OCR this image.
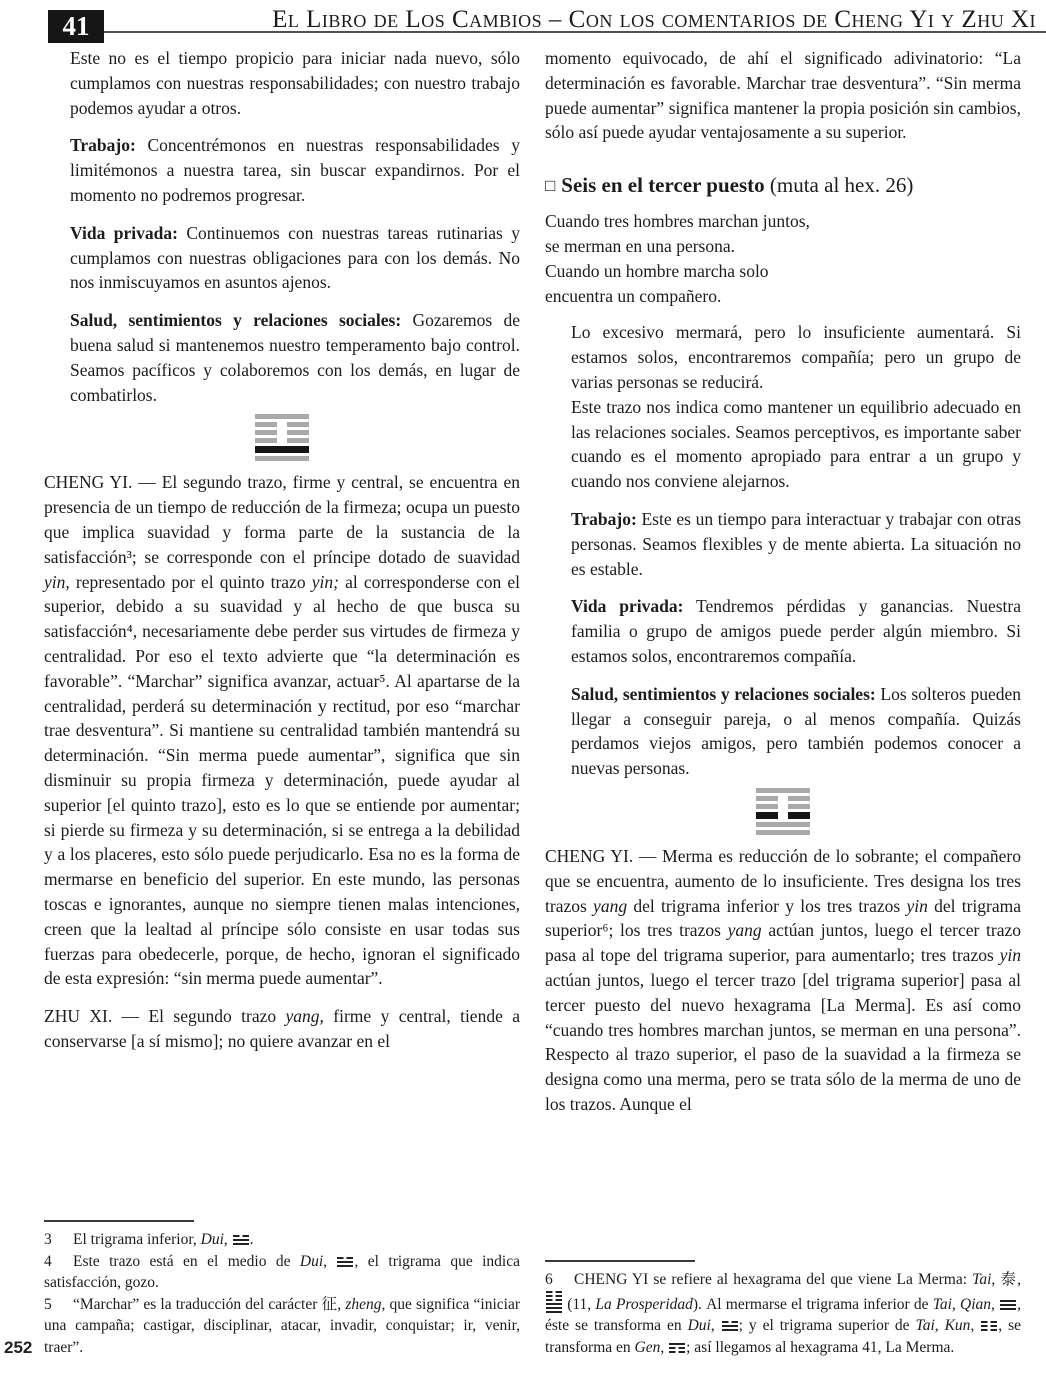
41	El Libro de Los Cambios – Con los comentarios de Cheng Yi y Zhu Xi

Este no es el tiempo propicio para iniciar nada nuevo, sólo cumplamos con nuestras responsabilidades; con nuestro trabajo podemos ayudar a otros.

Trabajo: Concentrémonos en nuestras responsabilidades y limitémonos a nuestra tarea, sin buscar expandirnos. Por el momento no podremos progresar.

Vida privada: Continuemos con nuestras tareas rutinarias y cumplamos con nuestras obligaciones para con los demás. No nos inmiscuyamos en asuntos ajenos.

Salud, sentimientos y relaciones sociales: Gozaremos de buena salud si mantenemos nuestro temperamento bajo control. Seamos pacíficos y colaboremos con los demás, en lugar de combatirlos.

CHENG YI. — El segundo trazo, firme y central, se encuentra en presencia de un tiempo de reducción de la firmeza; ocupa un puesto que implica suavidad y forma parte de la sustancia de la satisfacción³; se corresponde con el príncipe dotado de suavidad yin, representado por el quinto trazo yin; al corresponderse con el superior, debido a su suavidad y al hecho de que busca su satisfacción⁴, necesariamente debe perder sus virtudes de firmeza y centralidad. Por eso el texto advierte que “la determinación es favorable”. “Marchar” significa avanzar, actuar⁵. Al apartarse de la centralidad, perderá su determinación y rectitud, por eso “marchar trae desventura”. Si mantiene su centralidad también mantendrá su determinación. “Sin merma puede aumentar”, significa que sin disminuir su propia firmeza y determinación, puede ayudar al superior [el quinto trazo], esto es lo que se entiende por aumentar; si pierde su firmeza y su determinación, si se entrega a la debilidad y a los placeres, esto sólo puede perjudicarlo. Esa no es la forma de mermarse en beneficio del superior. En este mundo, las personas toscas e ignorantes, aunque no siempre tienen malas intenciones, creen que la lealtad al príncipe sólo consiste en usar todas sus fuerzas para obedecerle, porque, de hecho, ignoran el significado de esta expresión: “sin merma puede aumentar”.

ZHU XI. — El segundo trazo yang, firme y central, tiende a conservarse [a sí mismo]; no quiere avanzar en el

3 El trigrama inferior, Dui,
.

4 Este trazo está en el medio de Dui,
, el trigrama que indica satisfacción, gozo.

5 “Marchar” es la traducción del carácter 征, zheng, que significa “iniciar una campaña; castigar, disciplinar, atacar, invadir, conquistar; ir, venir, traer”.

momento equivocado, de ahí el significado adivinatorio: “La determinación es favorable. Marchar trae desventura”. “Sin merma puede aumentar” significa mantener la propia posición sin cambios, sólo así puede ayudar ventajosamente a su superior.

□ Seis en el tercer puesto (muta al hex. 26)
Cuando tres hombres marchan juntos,
se merman en una persona.
Cuando un hombre marcha solo
encuentra un compañero.

Lo excesivo mermará, pero lo insuficiente aumentará. Si estamos solos, encontraremos compañía; pero un grupo de varias personas se reducirá.

Este trazo nos indica como mantener un equilibrio adecuado en las relaciones sociales. Seamos perceptivos, es importante saber cuando es el momento apropiado para entrar a un grupo y cuando nos conviene alejarnos.

Trabajo: Este es un tiempo para interactuar y trabajar con otras personas. Seamos flexibles y de mente abierta. La situación no es estable.

Vida privada: Tendremos pérdidas y ganancias. Nuestra familia o grupo de amigos puede perder algún miembro. Si estamos solos, encontraremos compañía.

Salud, sentimientos y relaciones sociales: Los solteros pueden llegar a conseguir pareja, o al menos compañía. Quizás perdamos viejos amigos, pero también podemos conocer a nuevas personas.

CHENG YI. — Merma es reducción de lo sobrante; el compañero que se encuentra, aumento de lo insuficiente. Tres designa los tres trazos yang del trigrama inferior y los tres trazos yin del trigrama superior⁶; los tres trazos yang actúan juntos, luego el tercer trazo pasa al tope del trigrama superior, para aumentarlo; tres trazos yin actúan juntos, luego el tercer trazo [del trigrama superior] pasa al tercer puesto del nuevo hexagrama [La Merma]. Es así como “cuando tres hombres marchan juntos, se merman en una persona”. Respecto al trazo superior, el paso de la suavidad a la firmeza se designa como una merma, pero se trata sólo de la merma de uno de los trazos. Aunque el

6 CHENG YI se refiere al hexagrama del que viene La Merma: Tai, 泰,
(11, La Prosperidad). Al mermarse el trigrama inferior de Tai, Qian,
, éste se transforma en Dui,
; y el trigrama superior de Tai, Kun,
, se transforma en Gen,
; así llegamos al hexagrama 41, La Merma.

252
